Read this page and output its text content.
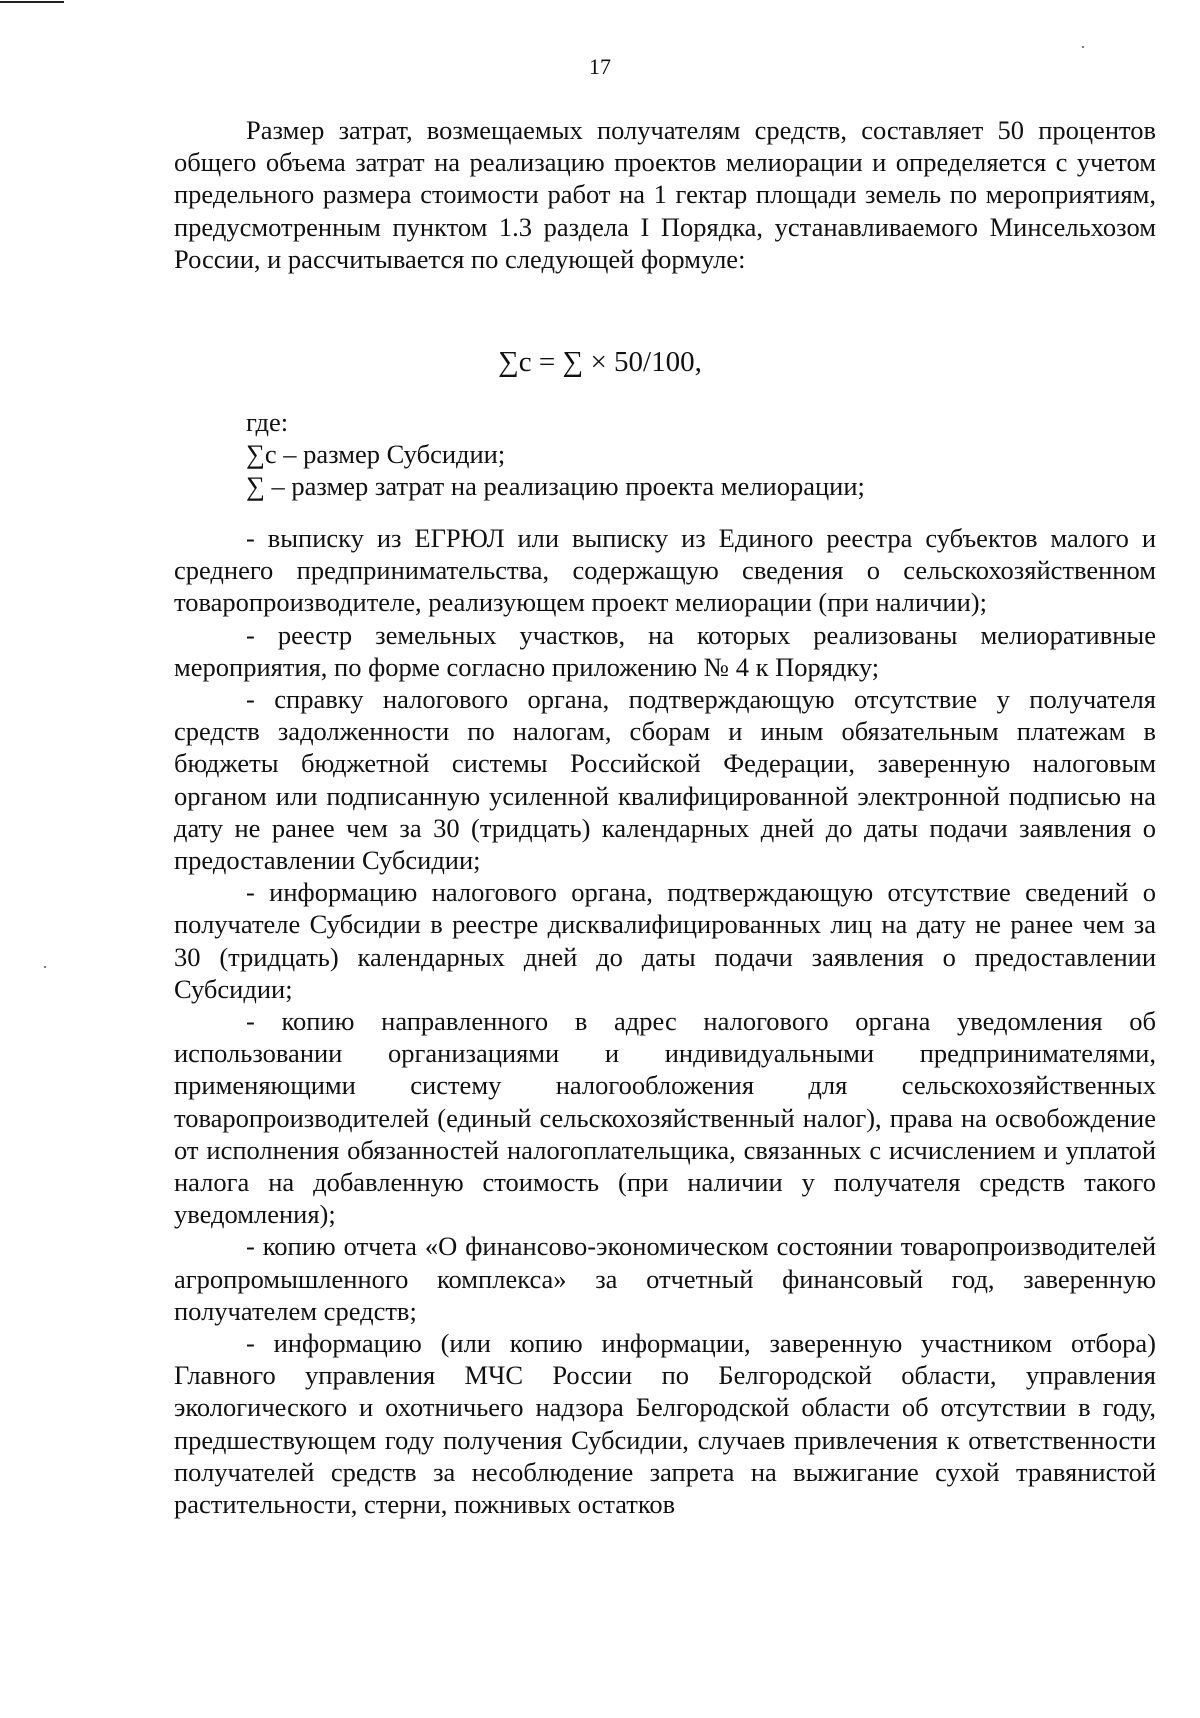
17

Размер затрат, возмещаемых получателям средств, составляет 50 процентов общего объема затрат на реализацию проектов мелиорации и определяется с учетом предельного размера стоимости работ на 1 гектар площади земель по мероприятиям, предусмотренным пунктом 1.3 раздела I Порядка, устанавливаемого Минсельхозом России, и рассчитывается по следующей формуле:

∑c = ∑ × 50/100,

где:

∑c – размер Субсидии;

∑ – размер затрат на реализацию проекта мелиорации;

- выписку из ЕГРЮЛ или выписку из Единого реестра субъектов малого и среднего предпринимательства, содержащую сведения о сельскохозяйственном товаропроизводителе, реализующем проект мелиорации (при наличии);

- реестр земельных участков, на которых реализованы мелиоративные мероприятия, по форме согласно приложению № 4 к Порядку;

- справку налогового органа, подтверждающую отсутствие у получателя средств задолженности по налогам, сборам и иным обязательным платежам в бюджеты бюджетной системы Российской Федерации, заверенную налоговым органом или подписанную усиленной квалифицированной электронной подписью на дату не ранее чем за 30 (тридцать) календарных дней до даты подачи заявления о предоставлении Субсидии;

- информацию налогового органа, подтверждающую отсутствие сведений о получателе Субсидии в реестре дисквалифицированных лиц на дату не ранее чем за 30 (тридцать) календарных дней до даты подачи заявления о предоставлении Субсидии;

- копию направленного в адрес налогового органа уведомления об использовании организациями и индивидуальными предпринимателями, применяющими систему налогообложения для сельскохозяйственных товаропроизводителей (единый сельскохозяйственный налог), права на освобождение от исполнения обязанностей налогоплательщика, связанных с исчислением и уплатой налога на добавленную стоимость (при наличии у получателя средств такого уведомления);

- копию отчета «О финансово-экономическом состоянии товаропроизводителей агропромышленного комплекса» за отчетный финансовый год, заверенную получателем средств;

- информацию (или копию информации, заверенную участником отбора) Главного управления МЧС России по Белгородской области, управления экологического и охотничьего надзора Белгородской области об отсутствии в году, предшествующем году получения Субсидии, случаев привлечения к ответственности получателей средств за несоблюдение запрета на выжигание сухой травянистой растительности, стерни, пожнивых остатков
